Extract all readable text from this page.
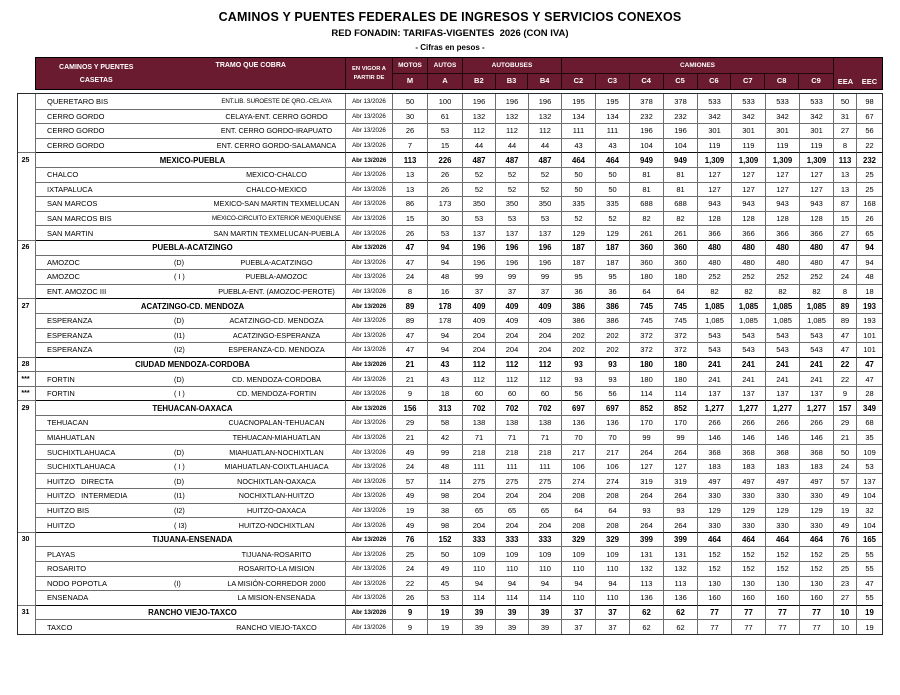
CAMINOS Y PUENTES FEDERALES DE INGRESOS Y SERVICIOS CONEXOS
RED FONADIN: TARIFAS-VIGENTES  2026 (CON IVA)
- Cifras en pesos -
CAMINOS Y PUENTES
CASETAS
TRAMO QUE COBRA	EN VIGOR A
PARTIR DE
MOTOS
M
AUTOS
A
AUTOBUSES
B2	B3	B4
CAMIONES
C2	C3	C4	C5	C6	C7	C8	C9	EEA	EEC
QUERETARO BIS	ENT.LIB. SUROESTE DE QRO.-CELAYA	Abr 13/2026	50	100	196	196	196	195	195	378	378	533	533	533	533	50	98
CERRO GORDO	CELAYA-ENT. CERRO GORDO	Abr 13/2026	30	61	132	132	132	134	134	232	232	342	342	342	342	31	67
CERRO GORDO	ENT. CERRO GORDO-IRAPUATO	Abr 13/2026	26	53	112	112	112	111	111	196	196	301	301	301	301	27	56
CERRO GORDO	ENT. CERRO GORDO-SALAMANCA	Abr 13/2026	7	15	44	44	44	43	43	104	104	119	119	119	119	8	22
25	MEXICO-PUEBLA	Abr 13/2026	113	226	487	487	487	464	464	949	949	1,309	1,309	1,309	1,309	113	232
CHALCO	MEXICO-CHALCO	Abr 13/2026	13	26	52	52	52	50	50	81	81	127	127	127	127	13	25
IXTAPALUCA	CHALCO-MEXICO	Abr 13/2026	13	26	52	52	52	50	50	81	81	127	127	127	127	13	25
SAN MARCOS	MEXICO-SAN MARTIN TEXMELUCAN	Abr 13/2026	86	173	350	350	350	335	335	688	688	943	943	943	943	87	168
SAN MARCOS BIS	MEXICO-CIRCUITO EXTERIOR MEXIQUENSE	Abr 13/2026	15	30	53	53	53	52	52	82	82	128	128	128	128	15	26
SAN MARTIN	SAN MARTIN TEXMELUCAN-PUEBLA	Abr 13/2026	26	53	137	137	137	129	129	261	261	366	366	366	366	27	65
26	PUEBLA-ACATZINGO	Abr 13/2026	47	94	196	196	196	187	187	360	360	480	480	480	480	47	94
AMOZOC	(D)	PUEBLA-ACATZINGO	Abr 13/2026	47	94	196	196	196	187	187	360	360	480	480	480	480	47	94
AMOZOC	( I )	PUEBLA-AMOZOC	Abr 13/2026	24	48	99	99	99	95	95	180	180	252	252	252	252	24	48
ENT. AMOZOC III	PUEBLA-ENT. (AMOZOC-PEROTE)	Abr 13/2026	8	16	37	37	37	36	36	64	64	82	82	82	82	8	18
27	ACATZINGO-CD. MENDOZA	Abr 13/2026	89	178	409	409	409	386	386	745	745	1,085	1,085	1,085	1,085	89	193
ESPERANZA	(D)	ACATZINGO-CD. MENDOZA	Abr 13/2026	89	178	409	409	409	386	386	745	745	1,085	1,085	1,085	1,085	89	193
ESPERANZA	(I1)	ACATZINGO-ESPERANZA	Abr 13/2026	47	94	204	204	204	202	202	372	372	543	543	543	543	47	101
ESPERANZA	(I2)	ESPERANZA-CD. MENDOZA	Abr 13/2026	47	94	204	204	204	202	202	372	372	543	543	543	543	47	101
28	CIUDAD MENDOZA-CORDOBA	Abr 13/2026	21	43	112	112	112	93	93	180	180	241	241	241	241	22	47
***	FORTIN	(D)	CD. MENDOZA-CORDOBA	Abr 13/2026	21	43	112	112	112	93	93	180	180	241	241	241	241	22	47
***	FORTIN	( I )	CD. MENDOZA-FORTIN	Abr 13/2026	9	18	60	60	60	56	56	114	114	137	137	137	137	9	28
29	TEHUACAN-OAXACA	Abr 13/2026	156	313	702	702	702	697	697	852	852	1,277	1,277	1,277	1,277	157	349
TEHUACAN	CUACNOPALAN-TEHUACAN	Abr 13/2026	29	58	138	138	138	136	136	170	170	266	266	266	266	29	68
MIAHUATLAN	TEHUACAN-MIAHUATLAN	Abr 13/2026	21	42	71	71	71	70	70	99	99	146	146	146	146	21	35
SUCHIXTLAHUACA	(D)	MIAHUATLAN-NOCHIXTLAN	Abr 13/2026	49	99	218	218	218	217	217	264	264	368	368	368	368	50	109
SUCHIXTLAHUACA	( I )	MIAHUATLAN-COIXTLAHUACA	Abr 13/2026	24	48	111	111	111	106	106	127	127	183	183	183	183	24	53
HUITZO   DIRECTA	(D)	NOCHIXTLAN-OAXACA	Abr 13/2026	57	114	275	275	275	274	274	319	319	497	497	497	497	57	137
HUITZO   INTERMEDIA	(I1)	NOCHIXTLAN-HUITZO	Abr 13/2026	49	98	204	204	204	208	208	264	264	330	330	330	330	49	104
HUITZO BIS	(I2)	HUITZO-OAXACA	Abr 13/2026	19	38	65	65	65	64	64	93	93	129	129	129	129	19	32
HUITZO	( I3)	HUITZO-NOCHIXTLAN	Abr 13/2026	49	98	204	204	204	208	208	264	264	330	330	330	330	49	104
30	TIJUANA-ENSENADA	Abr 13/2026	76	152	333	333	333	329	329	399	399	464	464	464	464	76	165
PLAYAS	TIJUANA-ROSARITO	Abr 13/2026	25	50	109	109	109	109	109	131	131	152	152	152	152	25	55
ROSARITO	ROSARITO-LA MISION	Abr 13/2026	24	49	110	110	110	110	110	132	132	152	152	152	152	25	55
NODO POPOTLA	(I)	LA MISIÓN-CORREDOR 2000	Abr 13/2026	22	45	94	94	94	94	94	113	113	130	130	130	130	23	47
ENSENADA	LA MISION-ENSENADA	Abr 13/2026	26	53	114	114	114	110	110	136	136	160	160	160	160	27	55
31	RANCHO VIEJO-TAXCO	Abr 13/2026	9	19	39	39	39	37	37	62	62	77	77	77	77	10	19
TAXCO	RANCHO VIEJO-TAXCO	Abr 13/2026	9	19	39	39	39	37	37	62	62	77	77	77	77	10	19
